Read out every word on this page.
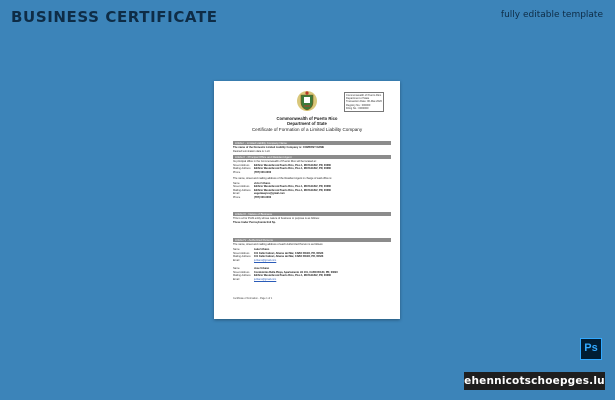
BUSINESS CERTIFICATE	fully editable template
Commonwealth of Puerto Rico
Department of State
Transaction Date: 00-Mar-2020
Registry No.: 000000
Filing No.: 0000000
Commonwealth of Puerto Rico
Department of State
Certificate of Formation of a Limited Liability Company
Article I - Limited Liability Company Name
The name of the Domestic Limited Liability Company is: COMPANY NAME
Desired termination date is: LLC
Article II - Principal Office and Resident Agent
Its principal office in the Commonwealth of Puerto Rico will be located at:
Street Address Edificio Westerbrook Puerto Rico, Piso 1, MAYAGUEZ, PR, 00680
Mailing Address Edificio Westerbrook Puerto Rico, Piso 1, MAYAGUEZ, PR, 00680
Phone	(787) 000-0000
The name, street and mailing address of the Resident Agent in charge of said office is:
Name	victor Urbano
Street Address Edificio Westerbrook Puerto Rico, Piso 1, MAYAGUEZ, PR, 00680
Mailing Address Edificio Westerbrook Puerto Rico, Piso 1, MAYAGUEZ, PR, 00680
Email	eugeniaayres@gmail.com
Phone	(787) 000-0000
Article III - Nature of Business
This is a For Profit entity whose nature of business or purpose is as follows:
These trader Pennsylvania Evil Sp.
Article IV - Authorized Persons
The name, street and mailing address of each Authorized Person is as follows:
Name	Luke Urbano
Street Address 101 Calle Cabrari, Alturas del Mar, CABO ROJO, PR, 00623
Mailing Address 101 Calle Cabrari, Alturas del Mar, CABO ROJO, PR, 00623
Email	jurbano@gmail.com
Name	Jose Urbano
Street Address Condominio Bella Playa, Apartamento H1 101, CABO ROJO, PR, 00623
Mailing Address Edificio Westerbrook Puerto Rico, Piso 1, MAYAGUEZ, PR, 00680
Email	jurbano@gmail.com
Certificate of Formation - Page 1 of 1
Ps
ehennicotschoepges.lu
